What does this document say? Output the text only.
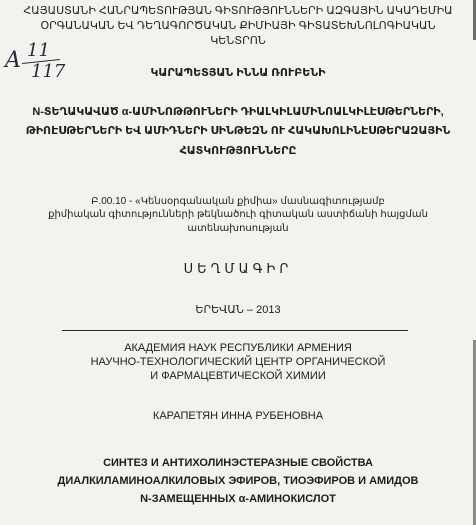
A 11
117
ՀԱՅԱՍՏԱՆԻ ՀԱՆՐԱՊԵՏՈՒԹՅԱՆ ԳԻՏՈՒԹՅՈՒՆՆԵՐԻ ԱԶԳԱՅԻՆ ԱԿԱԴԵՄԻԱ
ՕՐԳԱՆԱԿԱՆ ԵՎ ԴԵՂԱԳՈՐԾԱԿԱՆ ՔԻՄԻԱՅԻ ԳԻՏԱՏԵԽՆՈԼՈԳԻԱԿԱՆ
ԿԵՆՏՐՈՆ
ԿԱՐԱՊԵՏՅԱՆ ԻՆՆԱ ՌՈՒԲԵՆԻ
N-ՏԵՂԱԿԱՎԱԾ α-ԱՄԻՆՈԹԹՈՒՆԵՐԻ ԴԻԱԼԿԻԼԱՄԻՆՈԱԼԿԻԼԷՍԹԵՐՆԵՐԻ,
ԹԻՈԷՍԹԵՐՆԵՐԻ ԵՎ ԱՄԻԴՆԵՐԻ ՍԻՆԹԵԶՆ ՈՒ ՀԱԿԱԽՈԼԻՆԷՍԹԵՐԱԶԱՅԻՆ
ՀԱՏԿՈՒԹՅՈՒՆՆԵՐԸ
Բ.00.10 - «Կենսօրգանական քիմիա» մասնագիտությամբ
քիմիական գիտությունների թեկնածուի գիտական աստիճանի հայցման
ատենախոսության
ՍԵՂՄԱԳԻՐ
ԵՐԵՎԱՆ – 2013
АКАДЕМИЯ НАУК РЕСПУБЛИКИ АРМЕНИЯ
НАУЧНО-ТЕХНОЛОГИЧЕСКИЙ ЦЕНТР ОРГАНИЧЕСКОЙ
И ФАРМАЦЕВТИЧЕСКОЙ ХИМИИ
КАРАПЕТЯН ИННА РУБЕНОВНА
СИНТЕЗ И АНТИХОЛИНЭСТЕРАЗНЫЕ СВОЙСТВА
ДИАЛКИЛАМИНОАЛКИЛОВЫХ ЭФИРОВ, ТИОЭФИРОВ И АМИДОВ
N-ЗАМЕЩЕННЫХ α-АМИНОКИСЛОТ
